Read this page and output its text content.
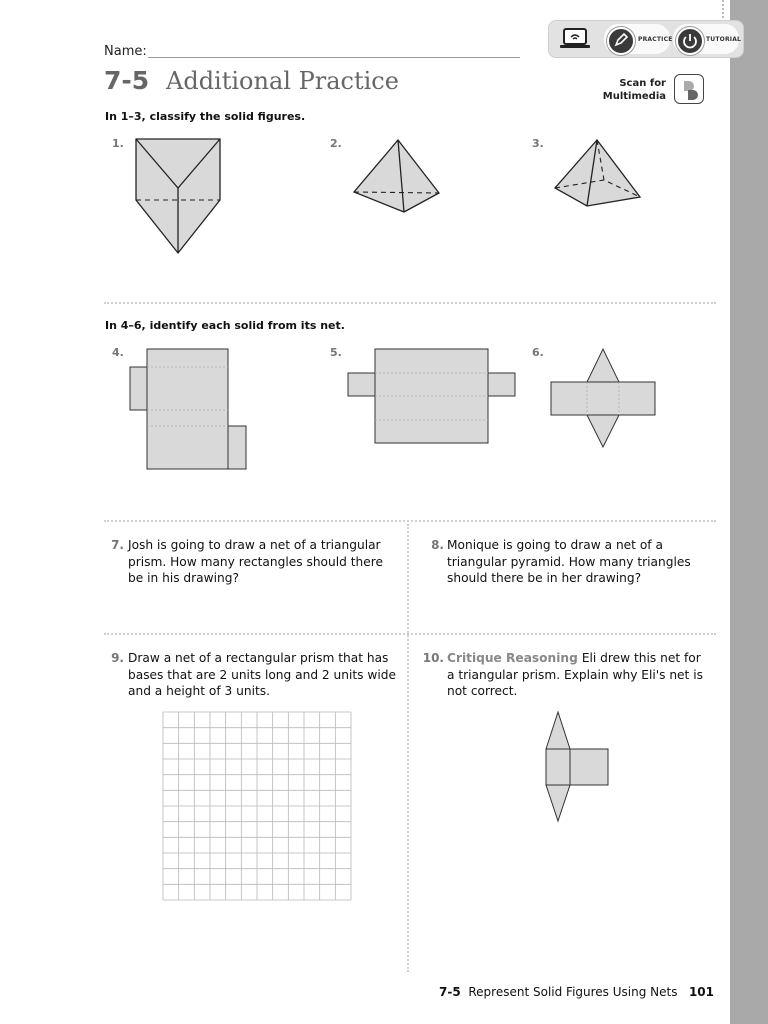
PRACTICE	TUTORIAL
Name:
7-5 Additional Practice	Scan for
Multimedia
In 1–3, classify the solid figures.
1.	2.	3.
In 4–6, identify each solid from its net.
4.	5.	6.
7. Josh is going to draw a net of a triangular prism. How many rectangles should there be in his drawing?
8. Monique is going to draw a net of a triangular pyramid. How many triangles should there be in her drawing?
9. Draw a net of a rectangular prism that has bases that are 2 units long and 2 units wide and a height of 3 units.
10. Critique Reasoning Eli drew this net for a triangular prism. Explain why Eli's net is not correct.
7-5 Represent Solid Figures Using Nets 101
